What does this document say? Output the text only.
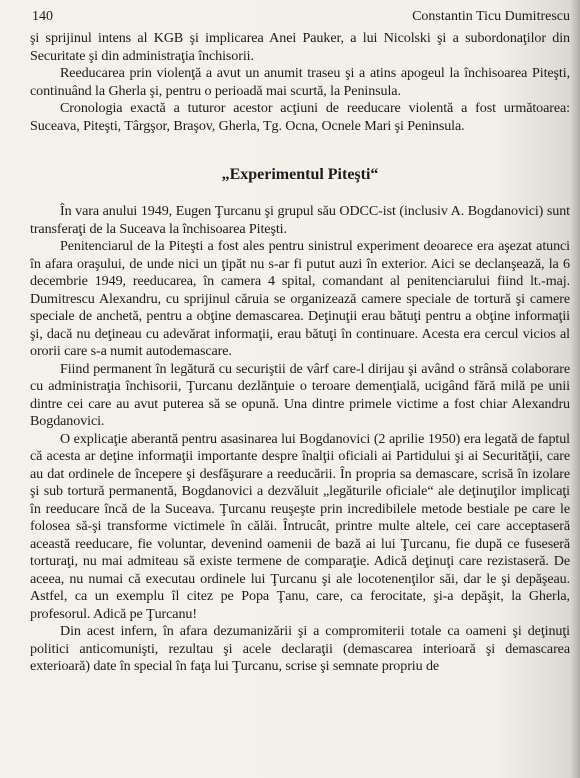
140	Constantin Ticu Dumitrescu

şi sprijinul intens al KGB şi implicarea Anei Pauker, a lui Nicolski şi a subordonaţilor din Securitate şi din administraţia închisorii.

Reeducarea prin violenţă a avut un anumit traseu şi a atins apogeul la închisoarea Piteşti, continuând la Gherla şi, pentru o perioadă mai scurtă, la Peninsula.

Cronologia exactă a tuturor acestor acţiuni de reeducare violentă a fost următoarea: Suceava, Piteşti, Târgşor, Braşov, Gherla, Tg. Ocna, Ocnele Mari şi Peninsula.

„Experimentul Piteşti“

În vara anului 1949, Eugen Ţurcanu şi grupul său ODCC-ist (inclusiv A. Bogdanovici) sunt transferaţi de la Suceava la închisoarea Piteşti.

Penitenciarul de la Piteşti a fost ales pentru sinistrul experiment deoarece era aşezat atunci în afara oraşului, de unde nici un ţipăt nu s-ar fi putut auzi în exterior. Aici se declanşează, la 6 decembrie 1949, reeducarea, în camera 4 spital, comandant al penitenciarului fiind lt.-maj. Dumitrescu Alexandru, cu sprijinul căruia se organizează camere speciale de tortură şi camere speciale de anchetă, pentru a obţine demascarea. Deţinuţii erau bătuţi pentru a obţine informaţii şi, dacă nu deţineau cu adevărat informaţii, erau bătuţi în continuare. Acesta era cercul vicios al ororii care s-a numit autodemascare.

Fiind permanent în legătură cu securiştii de vârf care-l dirijau şi având o strânsă colaborare cu administraţia închisorii, Ţurcanu dezlănţuie o teroare demenţială, ucigând fără milă pe unii dintre cei care au avut puterea să se opună. Una dintre primele victime a fost chiar Alexandru Bogdanovici.

O explicaţie aberantă pentru asasinarea lui Bogdanovici (2 aprilie 1950) era legată de faptul că acesta ar deţine informaţii importante despre înalţii oficiali ai Partidului şi ai Securităţii, care au dat ordinele de începere şi desfăşurare a reeducării. În propria sa demascare, scrisă în izolare şi sub tortură permanentă, Bogdanovici a dezvăluit „legăturile oficiale“ ale deţinuţilor implicaţi în reeducare încă de la Suceava. Ţurcanu reuşeşte prin incredibilele metode bestiale pe care le folosea să-şi transforme victimele în călăi. Întrucât, printre multe altele, cei care acceptaseră această reeducare, fie voluntar, devenind oamenii de bază ai lui Ţurcanu, fie după ce fuseseră torturaţi, nu mai admiteau să existe termene de comparaţie. Adică deţinuţi care rezistaseră. De aceea, nu numai că executau ordinele lui Ţurcanu şi ale locotenenţilor săi, dar le şi depăşeau. Astfel, ca un exemplu îl citez pe Popa Ţanu, care, ca ferocitate, şi-a depăşit, la Gherla, profesorul. Adică pe Ţurcanu!

Din acest infern, în afara dezumanizării şi a compromiterii totale ca oameni şi deţinuţi politici anticomunişti, rezultau şi acele declaraţii (demascarea interioară şi demascarea exterioară) date în special în faţa lui Ţurcanu, scrise şi semnate propriu de
